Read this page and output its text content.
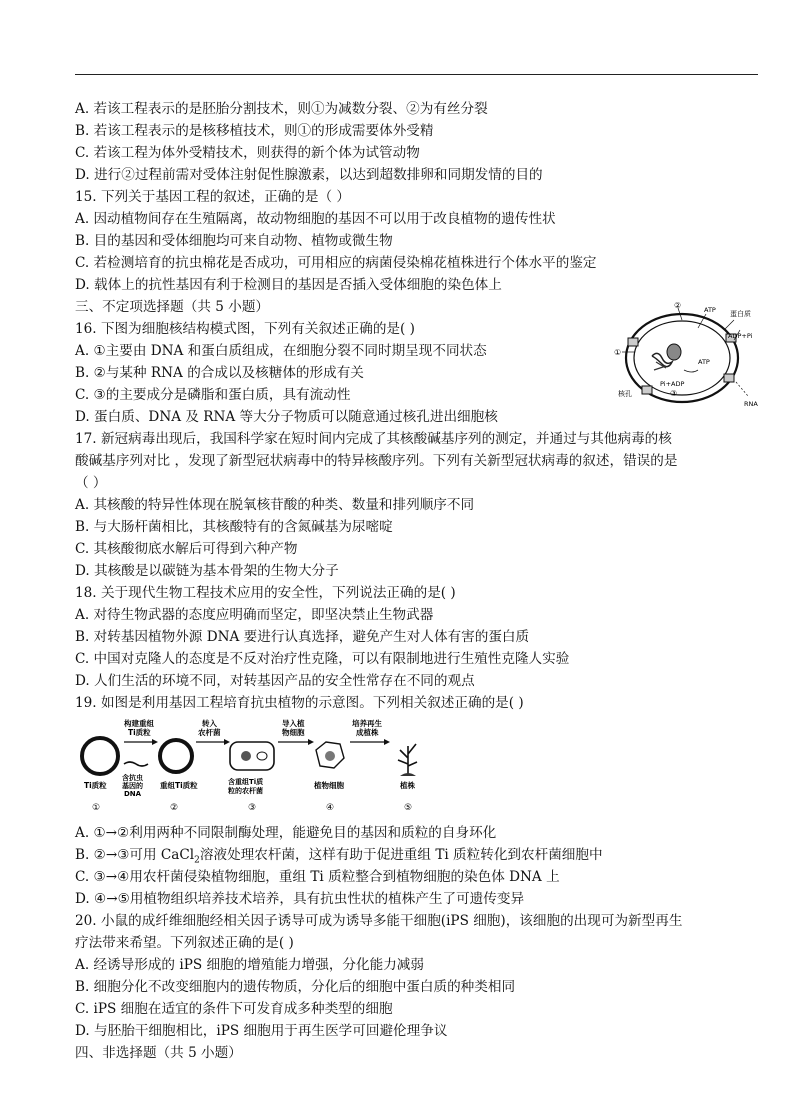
A. 若该工程表示的是胚胎分割技术，则①为减数分裂、②为有丝分裂
B. 若该工程表示的是核移植技术，则①的形成需要体外受精
C. 若该工程为体外受精技术，则获得的新个体为试管动物
D. 进行②过程前需对受体注射促性腺激素，以达到超数排卵和同期发情的目的
15. 下列关于基因工程的叙述，正确的是（ ）
A. 因动植物间存在生殖隔离，故动物细胞的基因不可以用于改良植物的遗传性状
B. 目的基因和受体细胞均可来自动物、植物或微生物
C. 若检测培育的抗虫棉花是否成功，可用相应的病菌侵染棉花植株进行个体水平的鉴定
D. 载体上的抗性基因有利于检测目的基因是否插入受体细胞的染色体上
三、不定项选择题（共 5 小题）
16. 下图为细胞核结构模式图，下列有关叙述正确的是( )
A. ①主要由 DNA 和蛋白质组成，在细胞分裂不同时期呈现不同状态
B. ②与某种 RNA 的合成以及核糖体的形成有关
C. ③的主要成分是磷脂和蛋白质，具有流动性
D. 蛋白质、DNA 及 RNA 等大分子物质可以随意通过核孔进出细胞核
17. 新冠病毒出现后，我国科学家在短时间内完成了其核酸碱基序列的测定，并通过与其他病毒的核
酸碱基序列对比 ，发现了新型冠状病毒中的特异核酸序列。下列有关新型冠状病毒的叙述，错误的是
（ ）
A. 其核酸的特异性体现在脱氧核苷酸的种类、数量和排列顺序不同
B. 与大肠杆菌相比，其核酸特有的含氮碱基为尿嘧啶
C. 其核酸彻底水解后可得到六种产物
D. 其核酸是以碳链为基本骨架的生物大分子
18. 关于现代生物工程技术应用的安全性，下列说法正确的是( )
A. 对待生物武器的态度应明确而坚定，即坚决禁止生物武器
B. 对转基因植物外源 DNA 要进行认真选择，避免产生对人体有害的蛋白质
C. 中国对克隆人的态度是不反对治疗性克隆，可以有限制地进行生殖性克隆人实验
D. 人们生活的环境不同，对转基因产品的安全性常存在不同的观点
19. 如图是利用基因工程培育抗虫植物的示意图。下列相关叙述正确的是( )
A. ①→②利用两种不同限制酶处理，能避免目的基因和质粒的自身环化
B. ②→③可用 CaCl$_2$溶液处理农杆菌，这样有助于促进重组 Ti 质粒转化到农杆菌细胞中
C. ③→④用农杆菌侵染植物细胞，重组 Ti 质粒整合到植物细胞的染色体 DNA 上
D. ④→⑤用植物组织培养技术培养，具有抗虫性状的植株产生了可遗传变异
20. 小鼠的成纤维细胞经相关因子诱导可成为诱导多能干细胞(iPS 细胞)，该细胞的出现可为新型再生
疗法带来希望。下列叙述正确的是( )
A. 经诱导形成的 iPS 细胞的增殖能力增强，分化能力减弱
B. 细胞分化不改变细胞内的遗传物质，分化后的细胞中蛋白质的种类相同
C. iPS 细胞在适宜的条件下可发育成多种类型的细胞
D. 与胚胎干细胞相比，iPS 细胞用于再生医学可回避伦理争议
四、非选择题（共 5 小题）
①
②
③
蛋白质
ATP
ADP+Pi
ATP
Pi+ADP
RNA
核孔
构建重组
Ti质粒
转入
农杆菌
导入植
物细胞
培养再生
成植株
Ti质粒
含抗虫
基因的
DNA
重组Ti质粒	含重组Ti质
粒的农杆菌
植物细胞	植株
①	②	③	④	⑤
